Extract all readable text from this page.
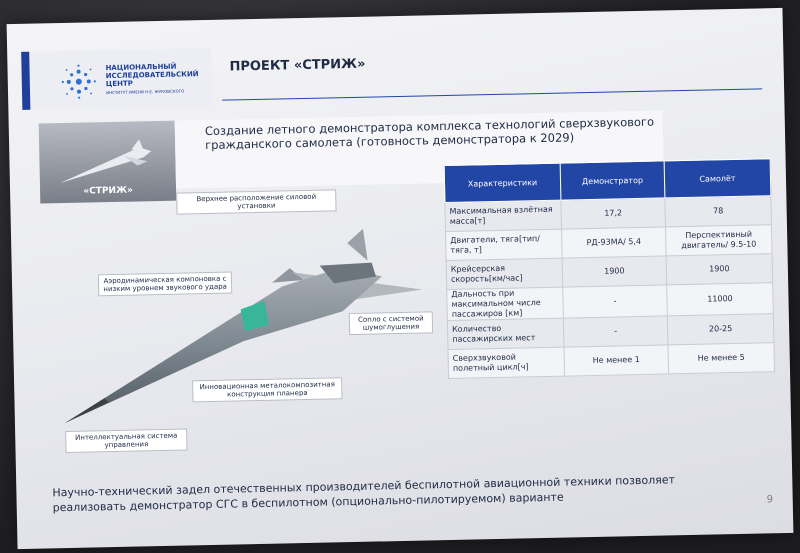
НАЦИОНАЛЬНЫЙ ИССЛЕДОВАТЕЛЬСКИЙ ЦЕНТР
ИНСТИТУТ ИМЕНИ Н.Е. ЖУКОВСКОГО
ПРОЕКТ «СТРИЖ»
«СТРИЖ»
Создание летного демонстратора комплекса технологий сверхзвукового гражданского самолета (готовность демонстратора к 2029)
Верхнее расположение силовой установки
Аэродинамическая компоновка с низким уровнем звукового удара
Сопло с системой шумоглушения
Инновационная металокомпозитная конструкция планера
Интеллектуальная система управления
Характеристики	Демонстратор	Самолёт
Максимальная взлётная масса[т]	17,2	78
Двигатели, тяга[тип/тяга, т]	РД-93МА/ 5,4	Перспективный двигатель/ 9.5-10
Крейсерская скорость[км/час]	1900	1900
Дальность при максимальном числе пассажиров [км]	-	11000
Количество пассажирских мест	-	20-25
Сверхзвуковой полетный цикл[ч]	Не менее 1	Не менее 5
Научно-технический задел отечественных производителей беспилотной авиационной техники позволяет реализовать демонстратор СГС в беспилотном (опционально-пилотируемом) варианте	9
